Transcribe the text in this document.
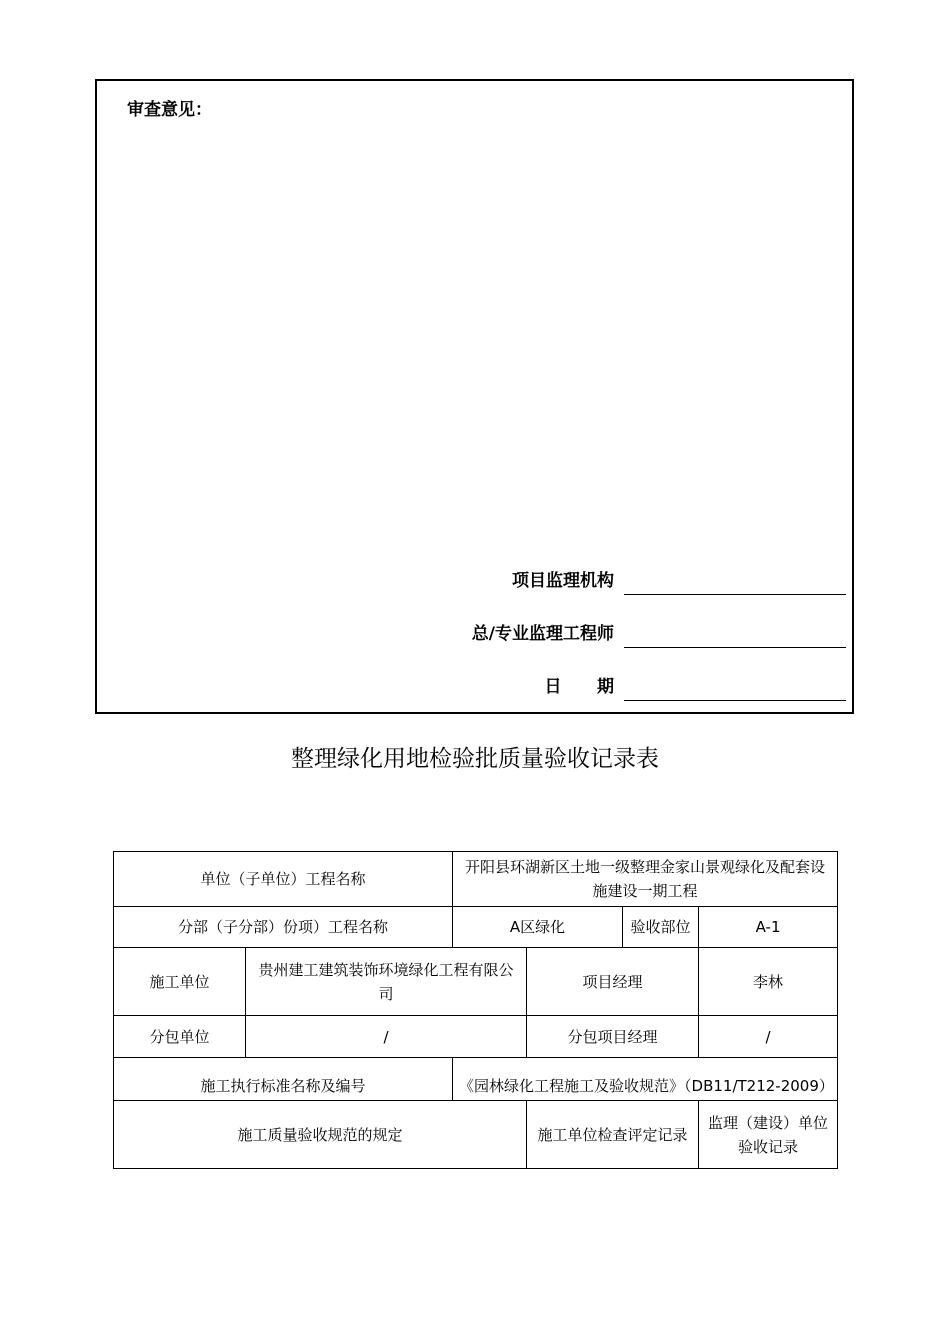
审查意见：
项目监理机构
总/专业监理工程师
日      期
整理绿化用地检验批质量验收记录表
单位（子单位）工程名称		开阳县环湖新区土地一级整理金家山景观绿化及配套设施建设一期工程			
分部（子分部）份项）工程名称		A区绿化		验收部位	A-1
施工单位	贵州建工建筑装饰环境绿化工程有限公司		项目经理		李林
分包单位	/		分包项目经理		/
施工执行标准名称及编号		《园林绿化工程施工及验收规范》（DB11/T212-2009）			
施工质量验收规范的规定			施工单位检查评定记录		监理（建设）单位验收记录
